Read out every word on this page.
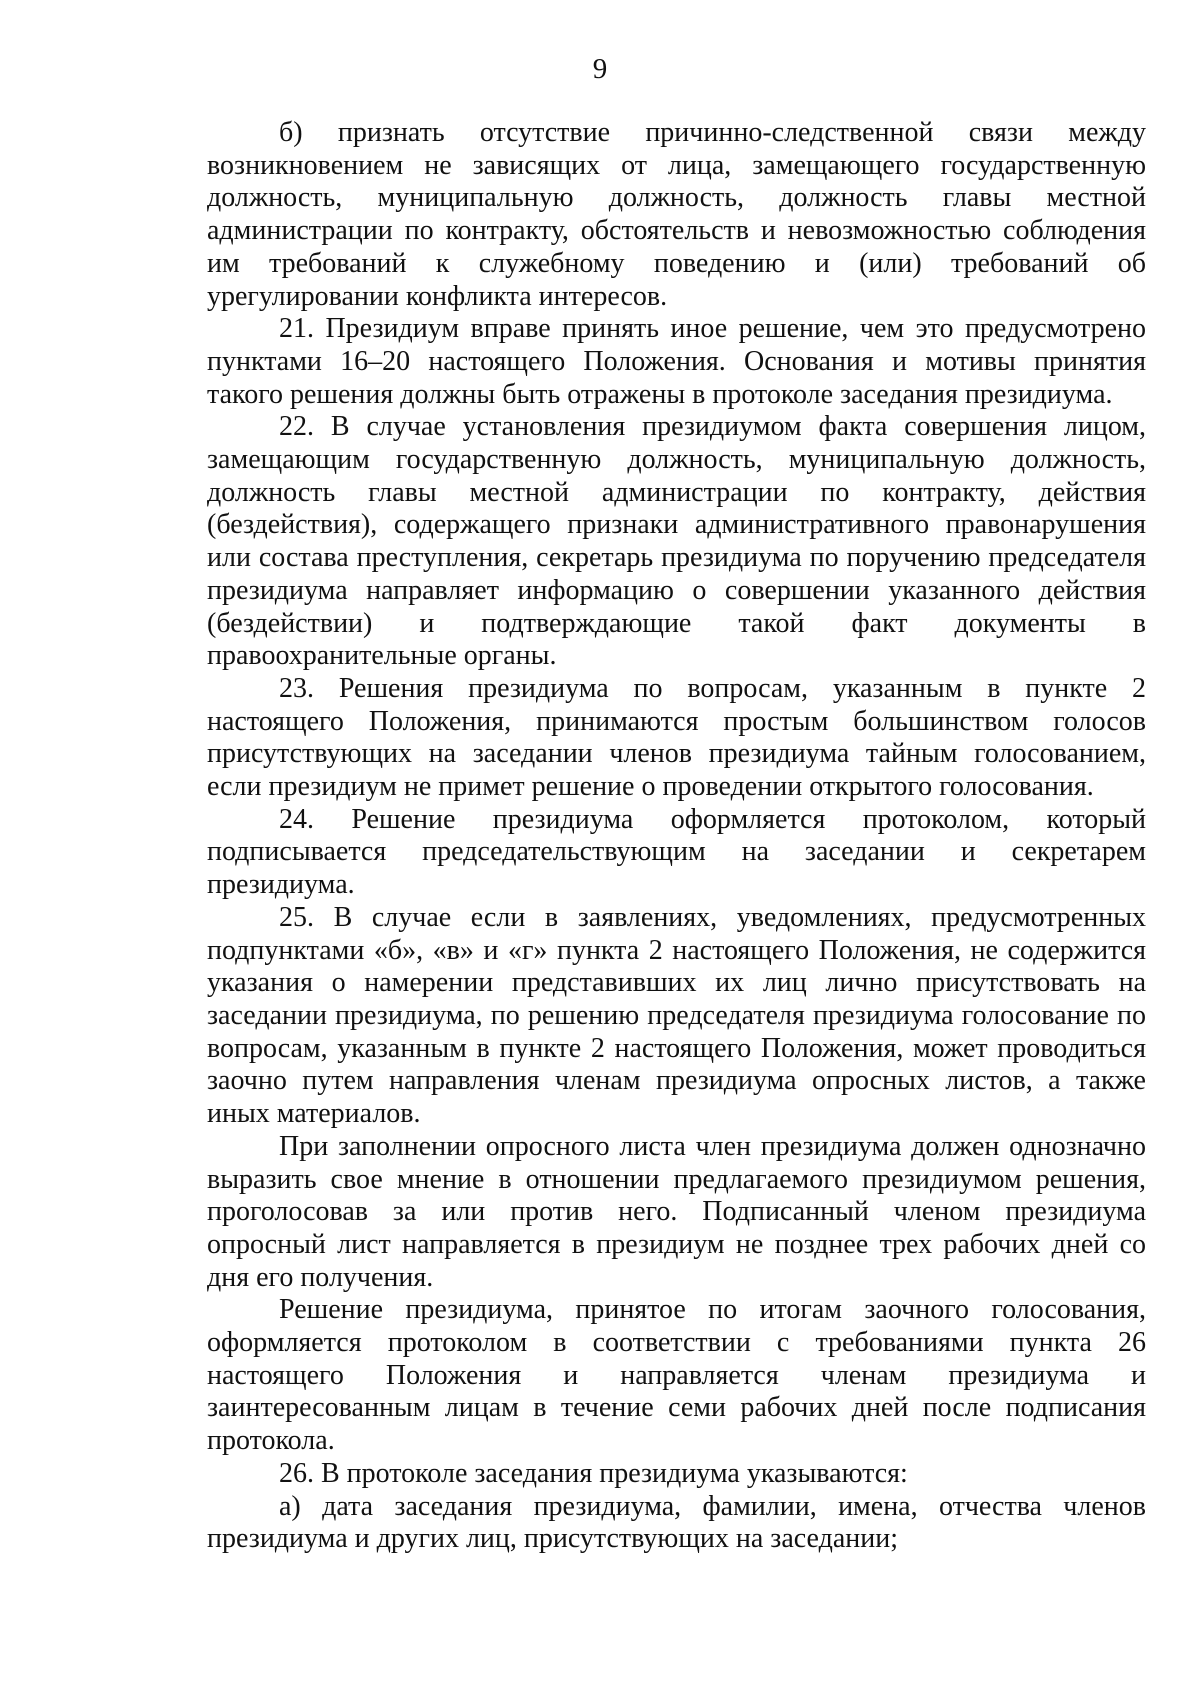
9

б) признать отсутствие причинно-следственной связи между возникновением не зависящих от лица, замещающего государственную должность, муниципальную должность, должность главы местной администрации по контракту, обстоятельств и невозможностью соблюдения им требований к служебному поведению и (или) требований об урегулировании конфликта интересов.

21. Президиум вправе принять иное решение, чем это предусмотрено пунктами 16–20 настоящего Положения. Основания и мотивы принятия такого решения должны быть отражены в протоколе заседания президиума.

22. В случае установления президиумом факта совершения лицом, замещающим государственную должность, муниципальную должность, должность главы местной администрации по контракту, действия (бездействия), содержащего признаки административного правонарушения или состава преступления, секретарь президиума по поручению председателя президиума направляет информацию о совершении указанного действия (бездействии) и подтверждающие такой факт документы в правоохранительные органы.

23. Решения президиума по вопросам, указанным в пункте 2 настоящего Положения, принимаются простым большинством голосов присутствующих на заседании членов президиума тайным голосованием, если президиум не примет решение о проведении открытого голосования.

24. Решение президиума оформляется протоколом, который подписывается председательствующим на заседании и секретарем президиума.

25. В случае если в заявлениях, уведомлениях, предусмотренных подпунктами «б», «в» и «г» пункта 2 настоящего Положения, не содержится указания о намерении представивших их лиц лично присутствовать на заседании президиума, по решению председателя президиума голосование по вопросам, указанным в пункте 2 настоящего Положения, может проводиться заочно путем направления членам президиума опросных листов, а также иных материалов.

При заполнении опросного листа член президиума должен однозначно выразить свое мнение в отношении предлагаемого президиумом решения, проголосовав за или против него. Подписанный членом президиума опросный лист направляется в президиум не позднее трех рабочих дней со дня его получения.

Решение президиума, принятое по итогам заочного голосования, оформляется протоколом в соответствии с требованиями пункта 26 настоящего Положения и направляется членам президиума и заинтересованным лицам в течение семи рабочих дней после подписания протокола.

26. В протоколе заседания президиума указываются:

а) дата заседания президиума, фамилии, имена, отчества членов президиума и других лиц, присутствующих на заседании;
